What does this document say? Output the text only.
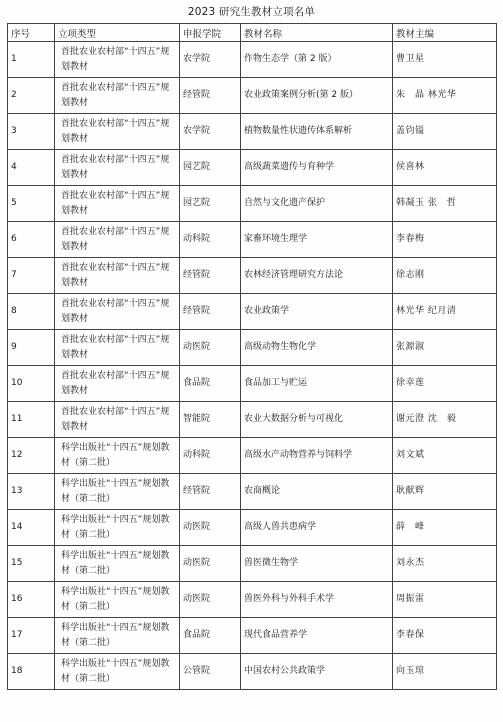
2023 研究生教材立项名单
序号	立项类型	申报学院	教材名称	教材主编
1	首批农业农村部“十四五”规划教材	农学院	作物生态学（第 2 版）	曹卫星
2	首批农业农村部“十四五”规划教材	经管院	农业政策案例分析(第 2 版）	朱　晶 林光华
3	首批农业农村部“十四五”规划教材	农学院	植物数量性状遗传体系解析	盖钧镒
4	首批农业农村部“十四五”规划教材	园艺院	高级蔬菜遗传与育种学	侯喜林
5	首批农业农村部“十四五”规划教材	园艺院	自然与文化遗产保护	韩凝玉 张　哲
6	首批农业农村部“十四五”规划教材	动科院	家畜环境生理学	李春梅
7	首批农业农村部“十四五”规划教材	经管院	农林经济管理研究方法论	徐志刚
8	首批农业农村部“十四五”规划教材	经管院	农业政策学	林光华 纪月清
9	首批农业农村部“十四五”规划教材	动医院	高级动物生物化学	张源淑
10	首批农业农村部“十四五”规划教材	食品院	食品加工与贮运	徐幸莲
11	首批农业农村部“十四五”规划教材	智能院	农业大数据分析与可视化	谢元澄 沈　毅
12	科学出版社“十四五”规划教材（第二批）	动科院	高级水产动物营养与饲料学	刘文斌
13	科学出版社“十四五”规划教材（第二批）	经管院	农商概论	耿献辉
14	科学出版社“十四五”规划教材（第二批）	动医院	高级人兽共患病学	薛　峰
15	科学出版社“十四五”规划教材（第二批）	动医院	兽医微生物学	刘永杰
16	科学出版社“十四五”规划教材（第二批）	动医院	兽医外科与外科手术学	周振雷
17	科学出版社“十四五”规划教材（第二批）	食品院	现代食品营养学	李春保
18	科学出版社“十四五”规划教材（第二批）	公管院	中国农村公共政策学	向玉琼
